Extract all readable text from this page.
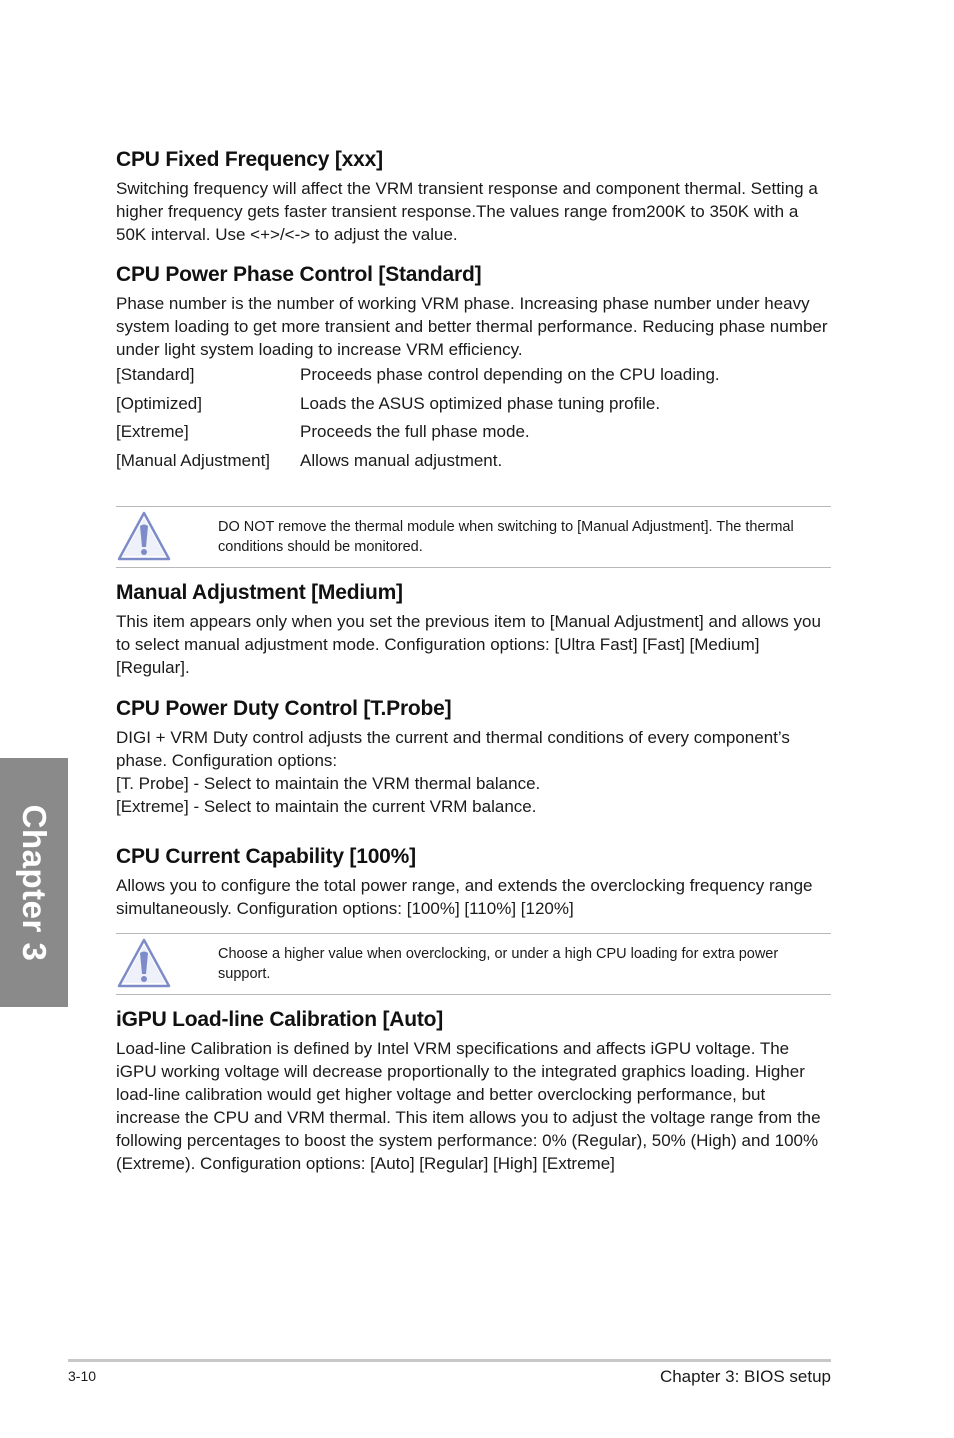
CPU Fixed Frequency [xxx]

Switching frequency will affect the VRM transient response and component thermal. Setting a higher frequency gets faster transient response.The values range from200K to 350K with a 50K interval. Use <+>/<-> to adjust the value.

CPU Power Phase Control [Standard]

Phase number is the number of working VRM phase. Increasing phase number under heavy system loading to get more transient and better thermal performance. Reducing phase number under light system loading to increase VRM efficiency.

[Standard]	Proceeds phase control depending on the CPU loading.
[Optimized]	Loads the ASUS optimized phase tuning profile.
[Extreme]	Proceeds the full phase mode.
[Manual Adjustment]	Allows manual adjustment.
Manual Adjustment [Medium]

This item appears only when you set the previous item to [Manual Adjustment] and allows you to select manual adjustment mode. Configuration options: [Ultra Fast] [Fast] [Medium] [Regular].

CPU Power Duty Control [T.Probe]

DIGI + VRM Duty control adjusts the current and thermal conditions of every component’s phase. Configuration options:

[T. Probe] - Select to maintain the VRM thermal balance.

[Extreme] - Select to maintain the current VRM balance.

CPU Current Capability [100%]

Allows you to configure the total power range, and extends the overclocking frequency range simultaneously. Configuration options: [100%] [110%] [120%]

iGPU Load-line Calibration [Auto]

Load-line Calibration is defined by Intel VRM specifications and affects iGPU voltage. The iGPU working voltage will decrease proportionally to the integrated graphics loading. Higher load-line calibration would get higher voltage and better overclocking performance, but increase the CPU and VRM thermal. This item allows you to adjust the voltage range from the following percentages to boost the system performance: 0% (Regular), 50% (High) and 100% (Extreme). Configuration options: [Auto] [Regular] [High] [Extreme]

DO NOT remove the thermal module when switching to [Manual Adjustment]. The thermal conditions should be monitored.
Choose a higher value when overclocking, or under a high CPU loading for extra power support.
Chapter 3
3-10	Chapter 3: BIOS setup
